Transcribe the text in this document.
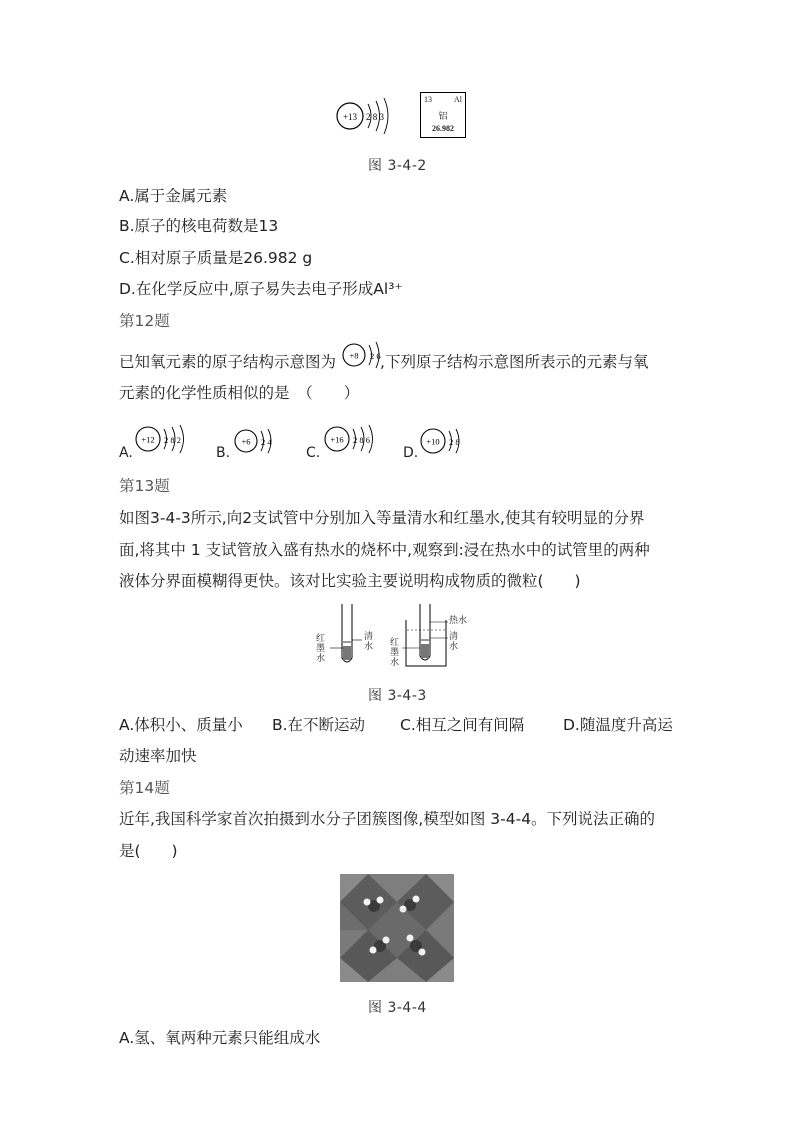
+13 2 8 3
13	Al
铝
26.982
图 3-4-2
A.属于金属元素
B.原子的核电荷数是13
C.相对原子质量是26.982 g
D.在化学反应中,原子易失去电子形成Al³⁺
第12题
已知氧元素的原子结构示意图为	,下列原子结构示意图所表示的元素与氧
+8 2 6
元素的化学性质相似的是　（　　）
A.
+12 2 8 2
B.
+6 2 4
C.
+16 2 8 6
D.
+10 2 8
第13题
如图3-4-3所示,向2支试管中分别加入等量清水和红墨水,使其有较明显的分界
面,将其中 1 支试管放入盛有热水的烧杯中,观察到:浸在热水中的试管里的两种
液体分界面模糊得更快。该对比实验主要说明构成物质的微粒(　　)
红墨水
清水
热水
红墨水
清水
图 3-4-3
A.体积小、质量小 B.在不断运动 C.相互之间有间隔 D.随温度升高运
动速率加快
第14题
近年,我国科学家首次拍摄到水分子团簇图像,模型如图 3-4-4。下列说法正确的
是(　　)
图 3-4-4
A.氢、氧两种元素只能组成水
